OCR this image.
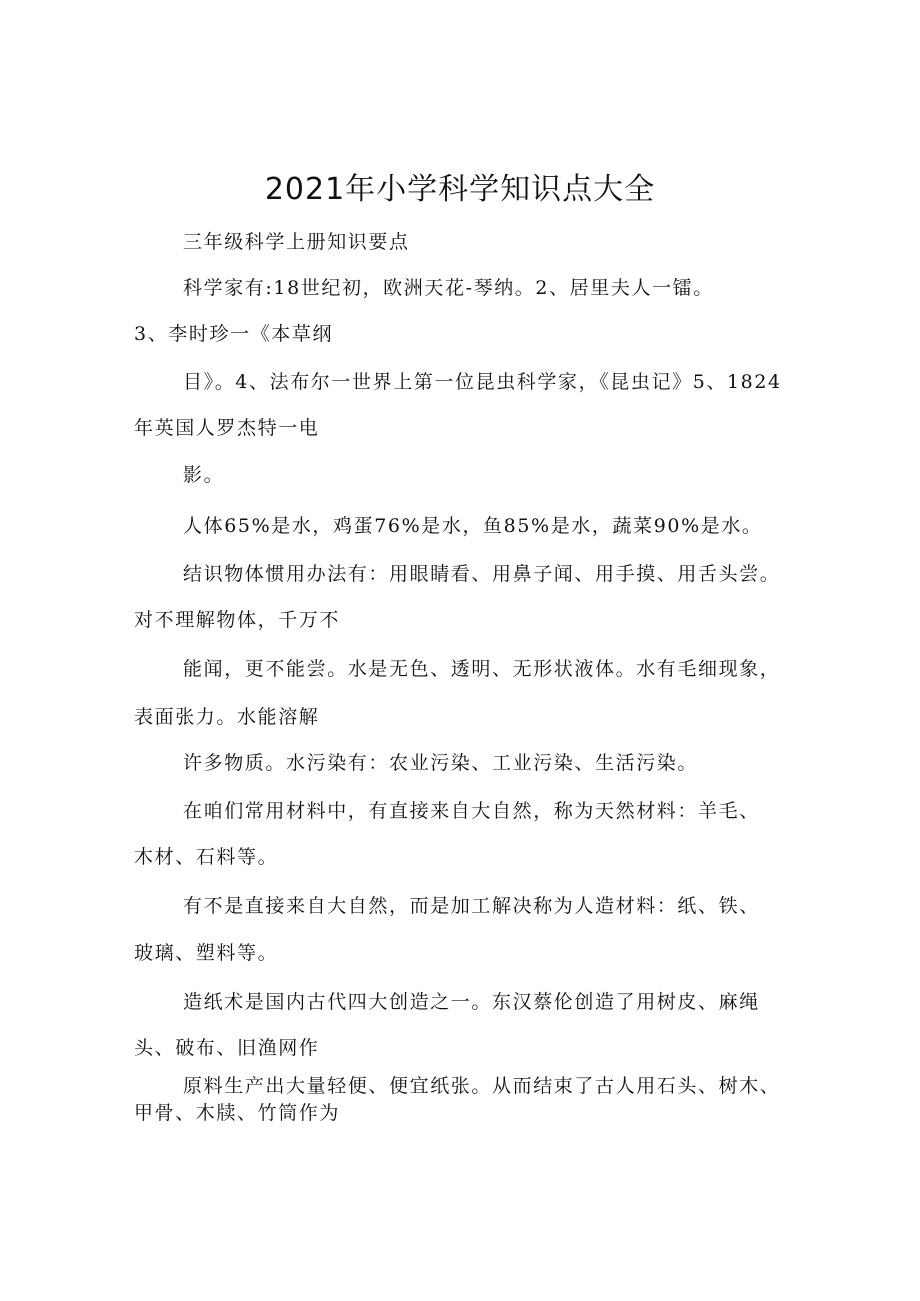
2021年小学科学知识点大全
三年级科学上册知识要点
科学家有:18世纪初，欧洲天花-琴纳。2、居里夫人一镭。
3、李时珍一《本草纲
目》。4、法布尔一世界上第一位昆虫科学家，《昆虫记》5、1824
年英国人罗杰特一电
影。
人体65%是水，鸡蛋76%是水，鱼85%是水，蔬菜90%是水。
结识物体惯用办法有：用眼睛看、用鼻子闻、用手摸、用舌头尝。
对不理解物体，千万不
能闻，更不能尝。水是无色、透明、无形状液体。水有毛细现象，
表面张力。水能溶解
许多物质。水污染有：农业污染、工业污染、生活污染。
在咱们常用材料中，有直接来自大自然，称为天然材料：羊毛、
木材、石料等。
有不是直接来自大自然，而是加工解决称为人造材料：纸、铁、
玻璃、塑料等。
造纸术是国内古代四大创造之一。东汉蔡伦创造了用树皮、麻绳
头、破布、旧渔网作
原料生产出大量轻便、便宜纸张。从而结束了古人用石头、树木、
甲骨、木牍、竹筒作为
